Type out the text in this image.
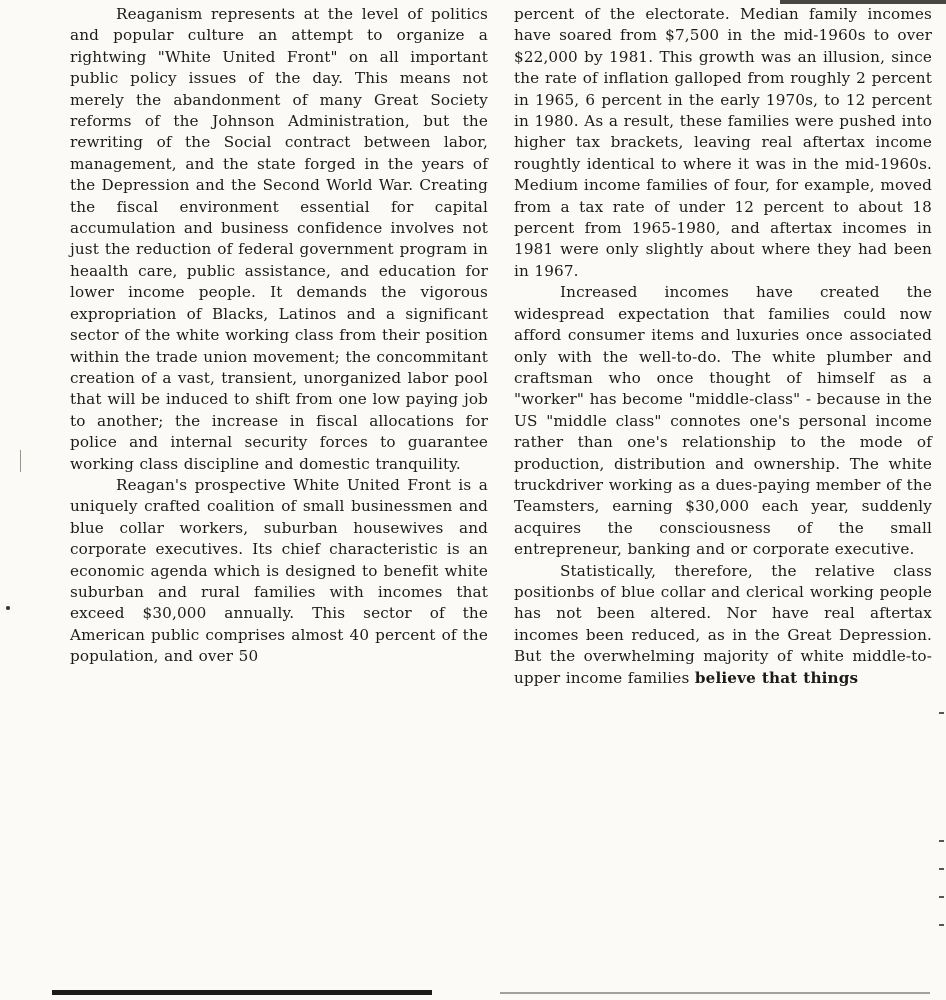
Reaganism represents at the level of politics and popular culture an attempt to organize a rightwing "White United Front" on all important public policy issues of the day. This means not merely the abandonment of many Great Society reforms of the Johnson Administration, but the rewriting of the Social contract between labor, management, and the state forged in the years of the Depression and the Second World War. Creating the fiscal environment essential for capital accumulation and business confidence involves not just the reduction of federal government program in heaalth care, public assistance, and education for lower income people. It demands the vigorous expropriation of Blacks, Latinos and a significant sector of the white working class from their position within the trade union movement; the concommitant creation of a vast, transient, unorganized labor pool that will be induced to shift from one low paying job to another; the increase in fiscal allocations for police and internal security forces to guarantee working class discipline and domestic tranquility.

Reagan's prospective White United Front is a uniquely crafted coalition of small businessmen and blue collar workers, suburban housewives and corporate executives. Its chief characteristic is an economic agenda which is designed to benefit white suburban and rural families with incomes that exceed $30,000 annually. This sector of the American public comprises almost 40 percent of the population, and over 50

percent of the electorate. Median family incomes have soared from $7,500 in the mid-1960s to over $22,000 by 1981. This growth was an illusion, since the rate of inflation galloped from roughly 2 percent in 1965, 6 percent in the early 1970s, to 12 percent in 1980. As a result, these families were pushed into higher tax brackets, leaving real aftertax income roughtly identical to where it was in the mid-1960s. Medium income families of four, for example, moved from a tax rate of under 12 percent to about 18 percent from 1965-1980, and aftertax incomes in 1981 were only slightly about where they had been in 1967.

Increased incomes have created the widespread expectation that families could now afford consumer items and luxuries once associated only with the well-to-do. The white plumber and craftsman who once thought of himself as a "worker" has become "middle-class" - because in the US "middle class" connotes one's personal income rather than one's relationship to the mode of production, distribution and ownership. The white truckdriver working as a dues-paying member of the Teamsters, earning $30,000 each year, suddenly acquires the consciousness of the small entrepreneur, banking and or corporate executive.

Statistically, therefore, the relative class positionbs of blue collar and clerical working people has not been altered. Nor have real aftertax incomes been reduced, as in the Great Depression. But the overwhelming majority of white middle-to-upper income families believe that things
